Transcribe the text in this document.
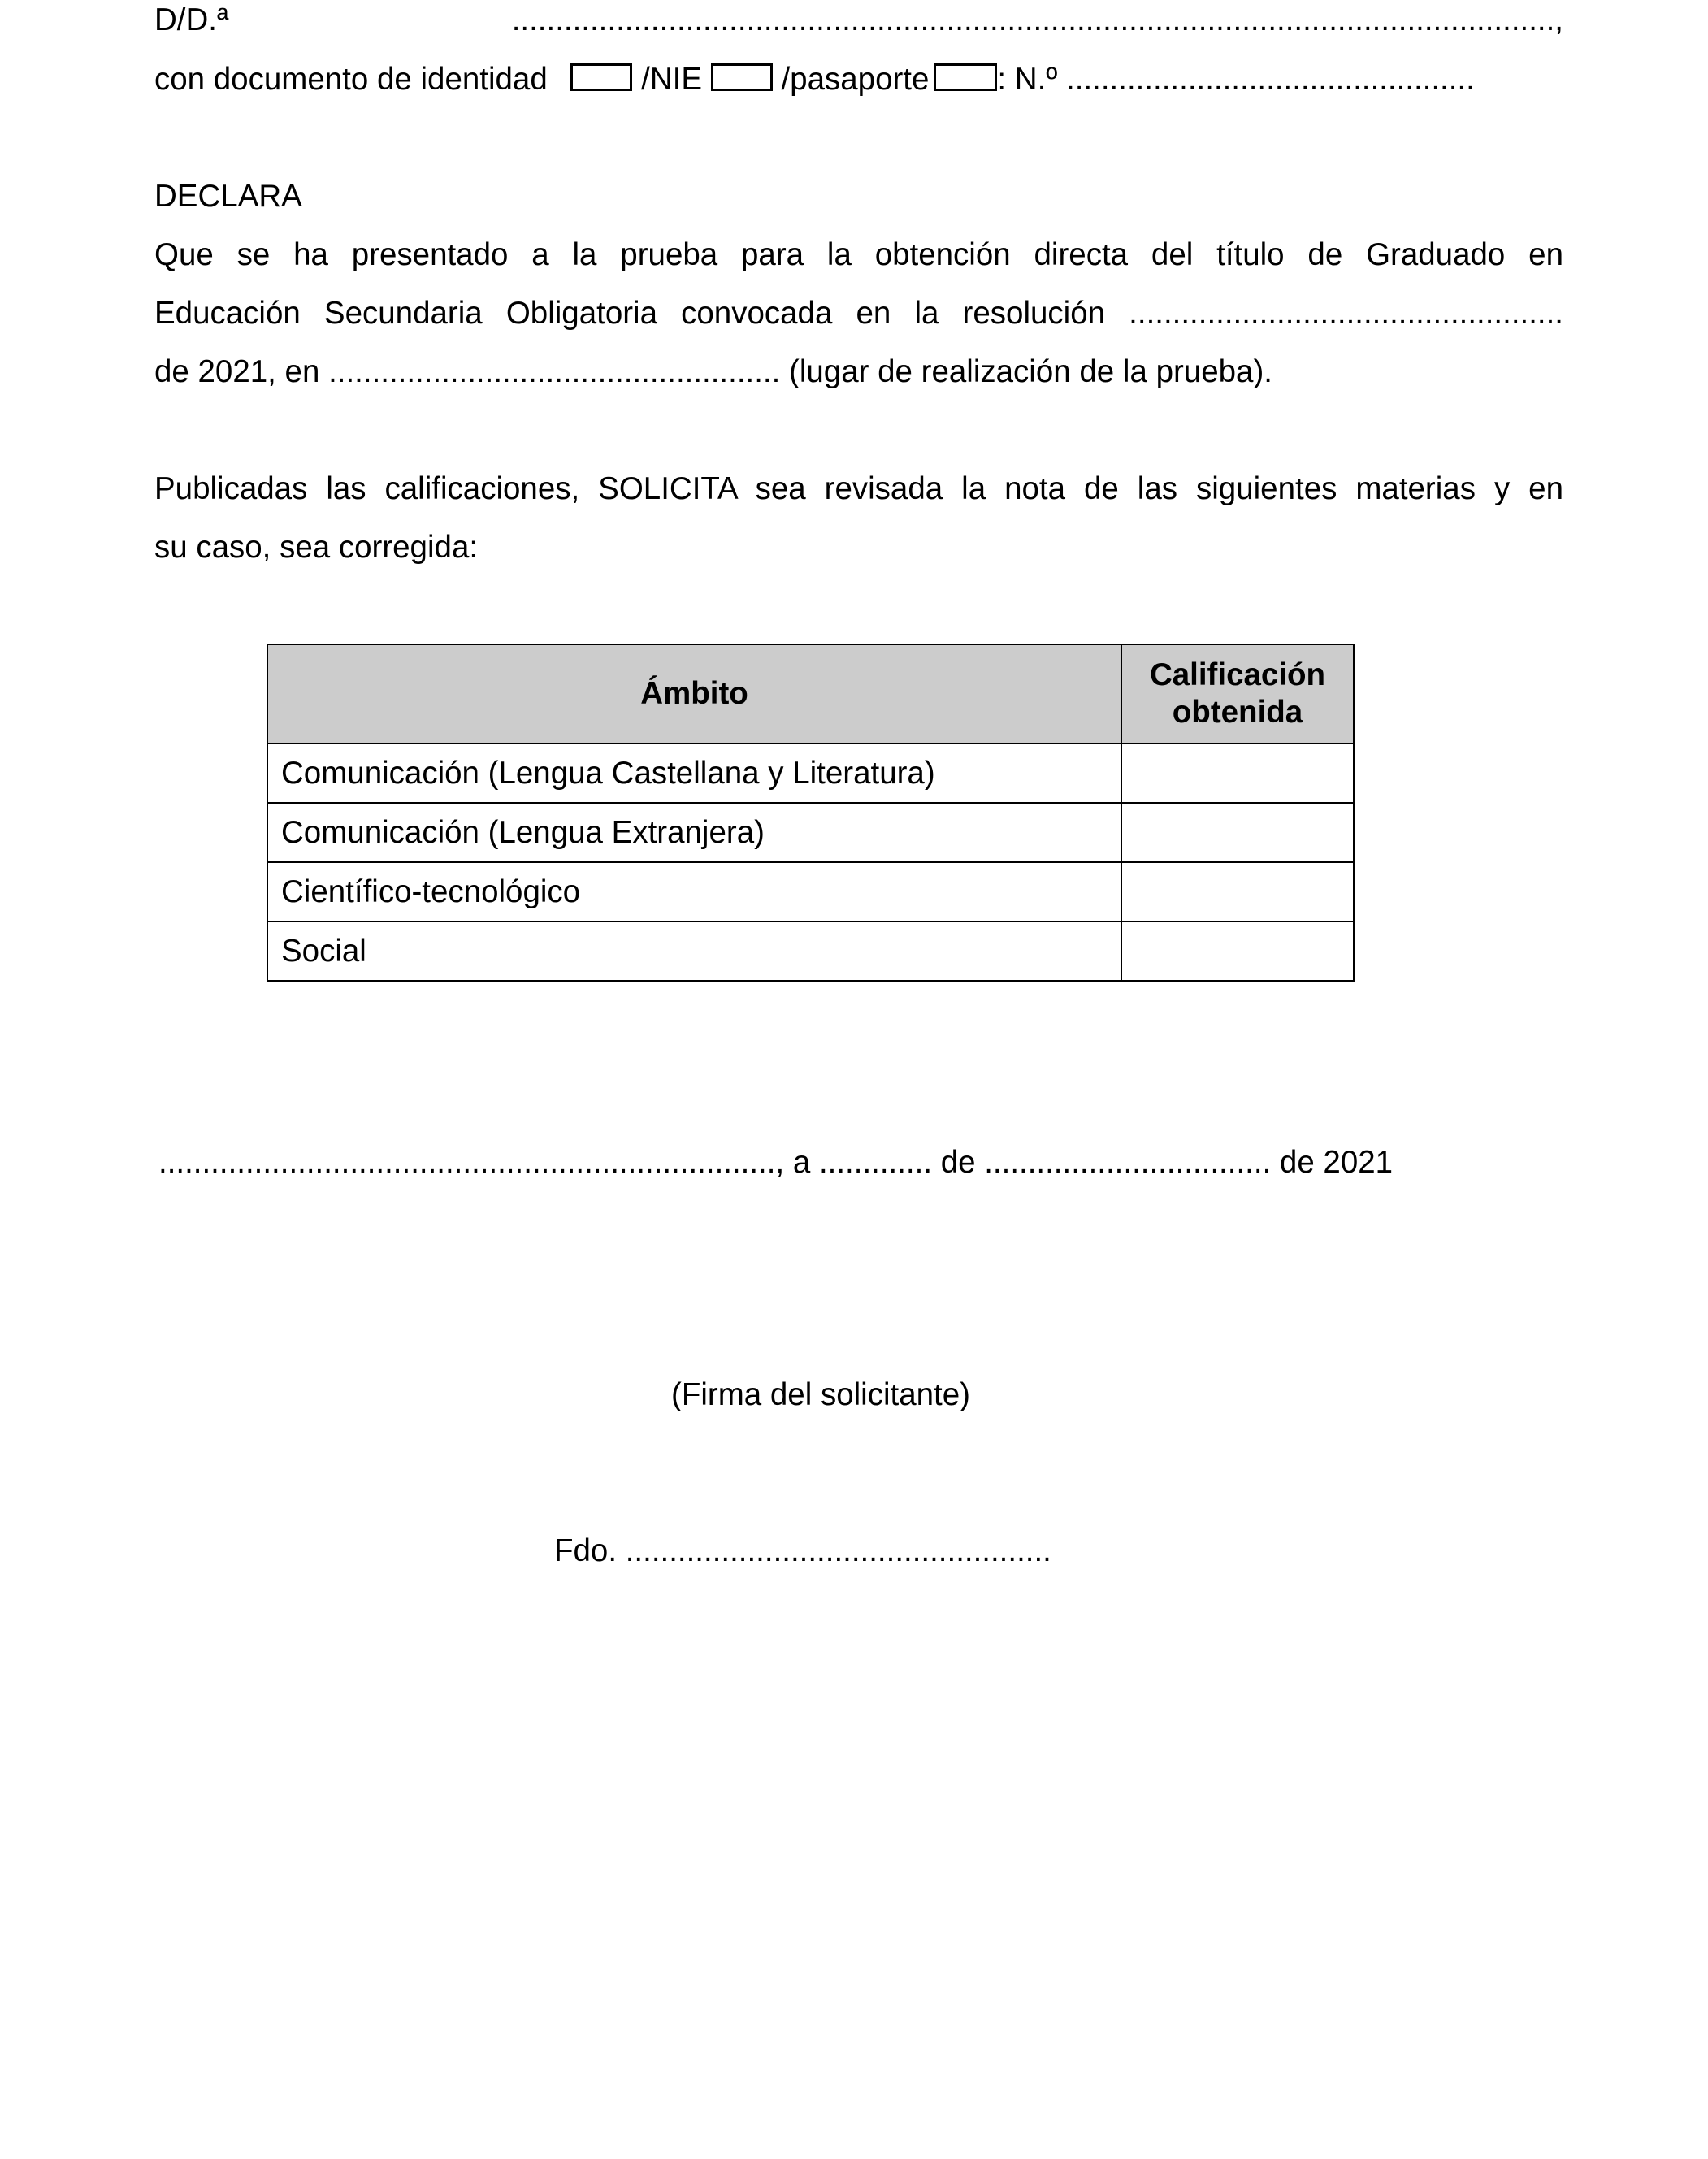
D/D.ª	........................................................................................................................,
con documento de identidad	/NIE	/pasaporte : N.º ...............................................
DECLARA
Que se ha presentado a la prueba para la obtención directa del título de Graduado en
Educación Secundaria Obligatoria convocada en la resolución ..................................................
de 2021, en .................................................... (lugar de realización de la prueba).
Publicadas las calificaciones, SOLICITA sea revisada la nota de las siguientes materias y en
su caso, sea corregida:
Ámbito	Calificación
obtenida
Comunicación (Lengua Castellana y Literatura)	
Comunicación (Lengua Extranjera)	
Científico-tecnológico	
Social	
......................................................................., a ............. de ................................. de 2021
(Firma del solicitante)
Fdo. .................................................
